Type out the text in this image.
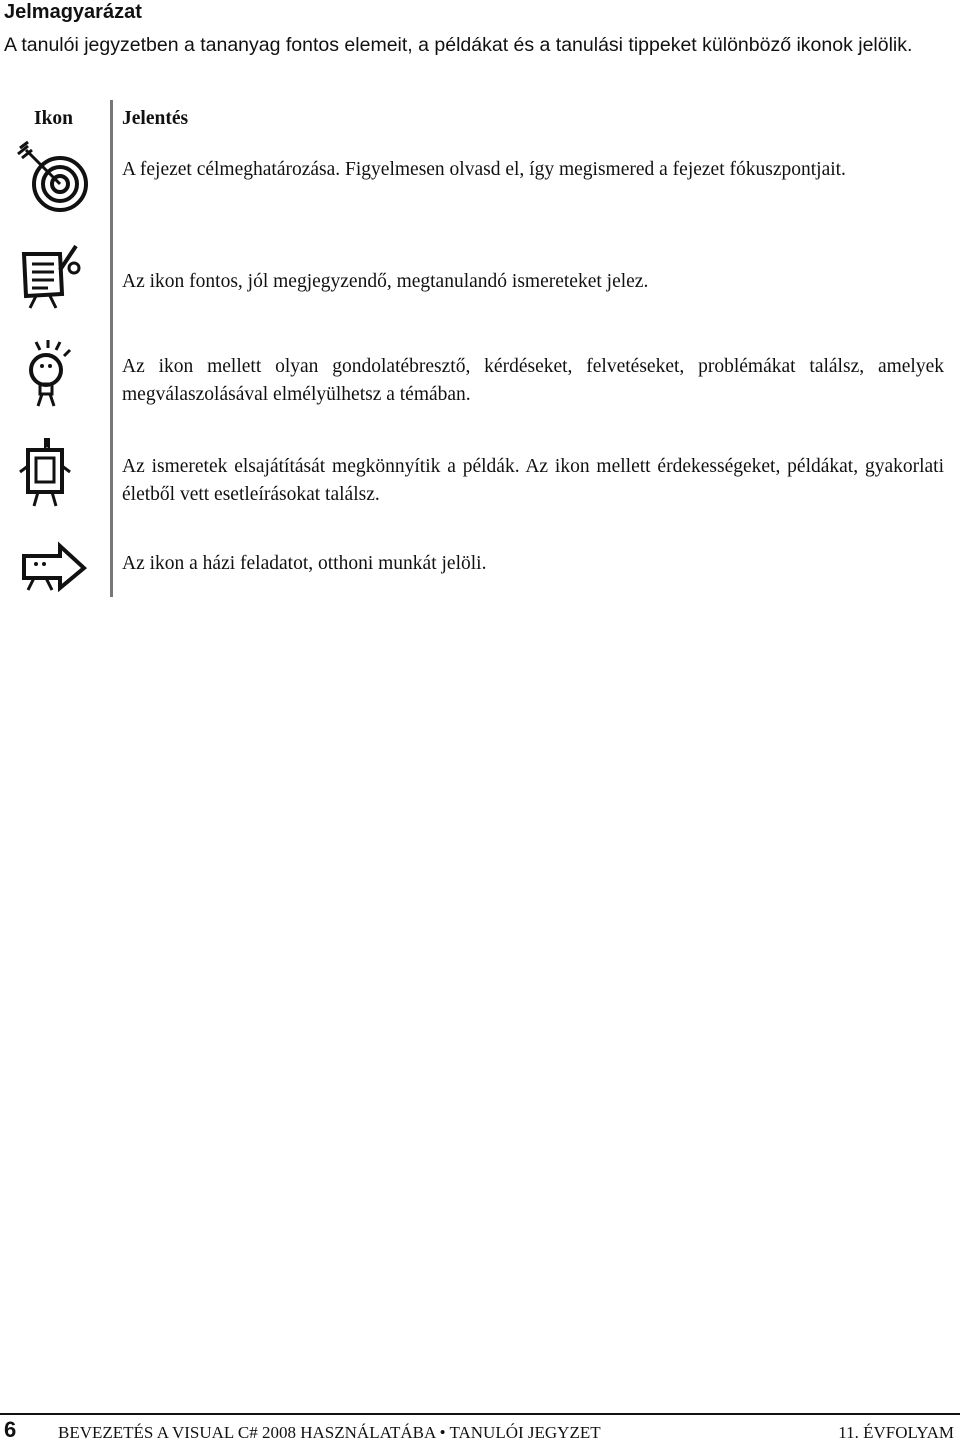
Jelmagyarázat
A tanulói jegyzetben a tananyag fontos elemeit, a példákat és a tanulási tippeket különböző ikonok jelölik.
Ikon	Jelentés
A fejezet célmeghatározása. Figyelmesen olvasd el, így megismered a fejezet fókuszpontjait.
Az ikon fontos, jól megjegyzendő, megtanulandó ismereteket jelez.
Az ikon mellett olyan gondolatébresztő, kérdéseket, felvetéseket, problémákat találsz, amelyek megválaszolásával elmélyülhetsz a témában.
Az ismeretek elsajátítását megkönnyítik a példák. Az ikon mellett érdekességeket, példákat, gyakorlati életből vett esetleírásokat találsz.
Az ikon a házi feladatot, otthoni munkát jelöli.
6 BEVEZETÉS A VISUAL C# 2008 HASZNÁLATÁBA • TANULÓI JEGYZET	11. ÉVFOLYAM
